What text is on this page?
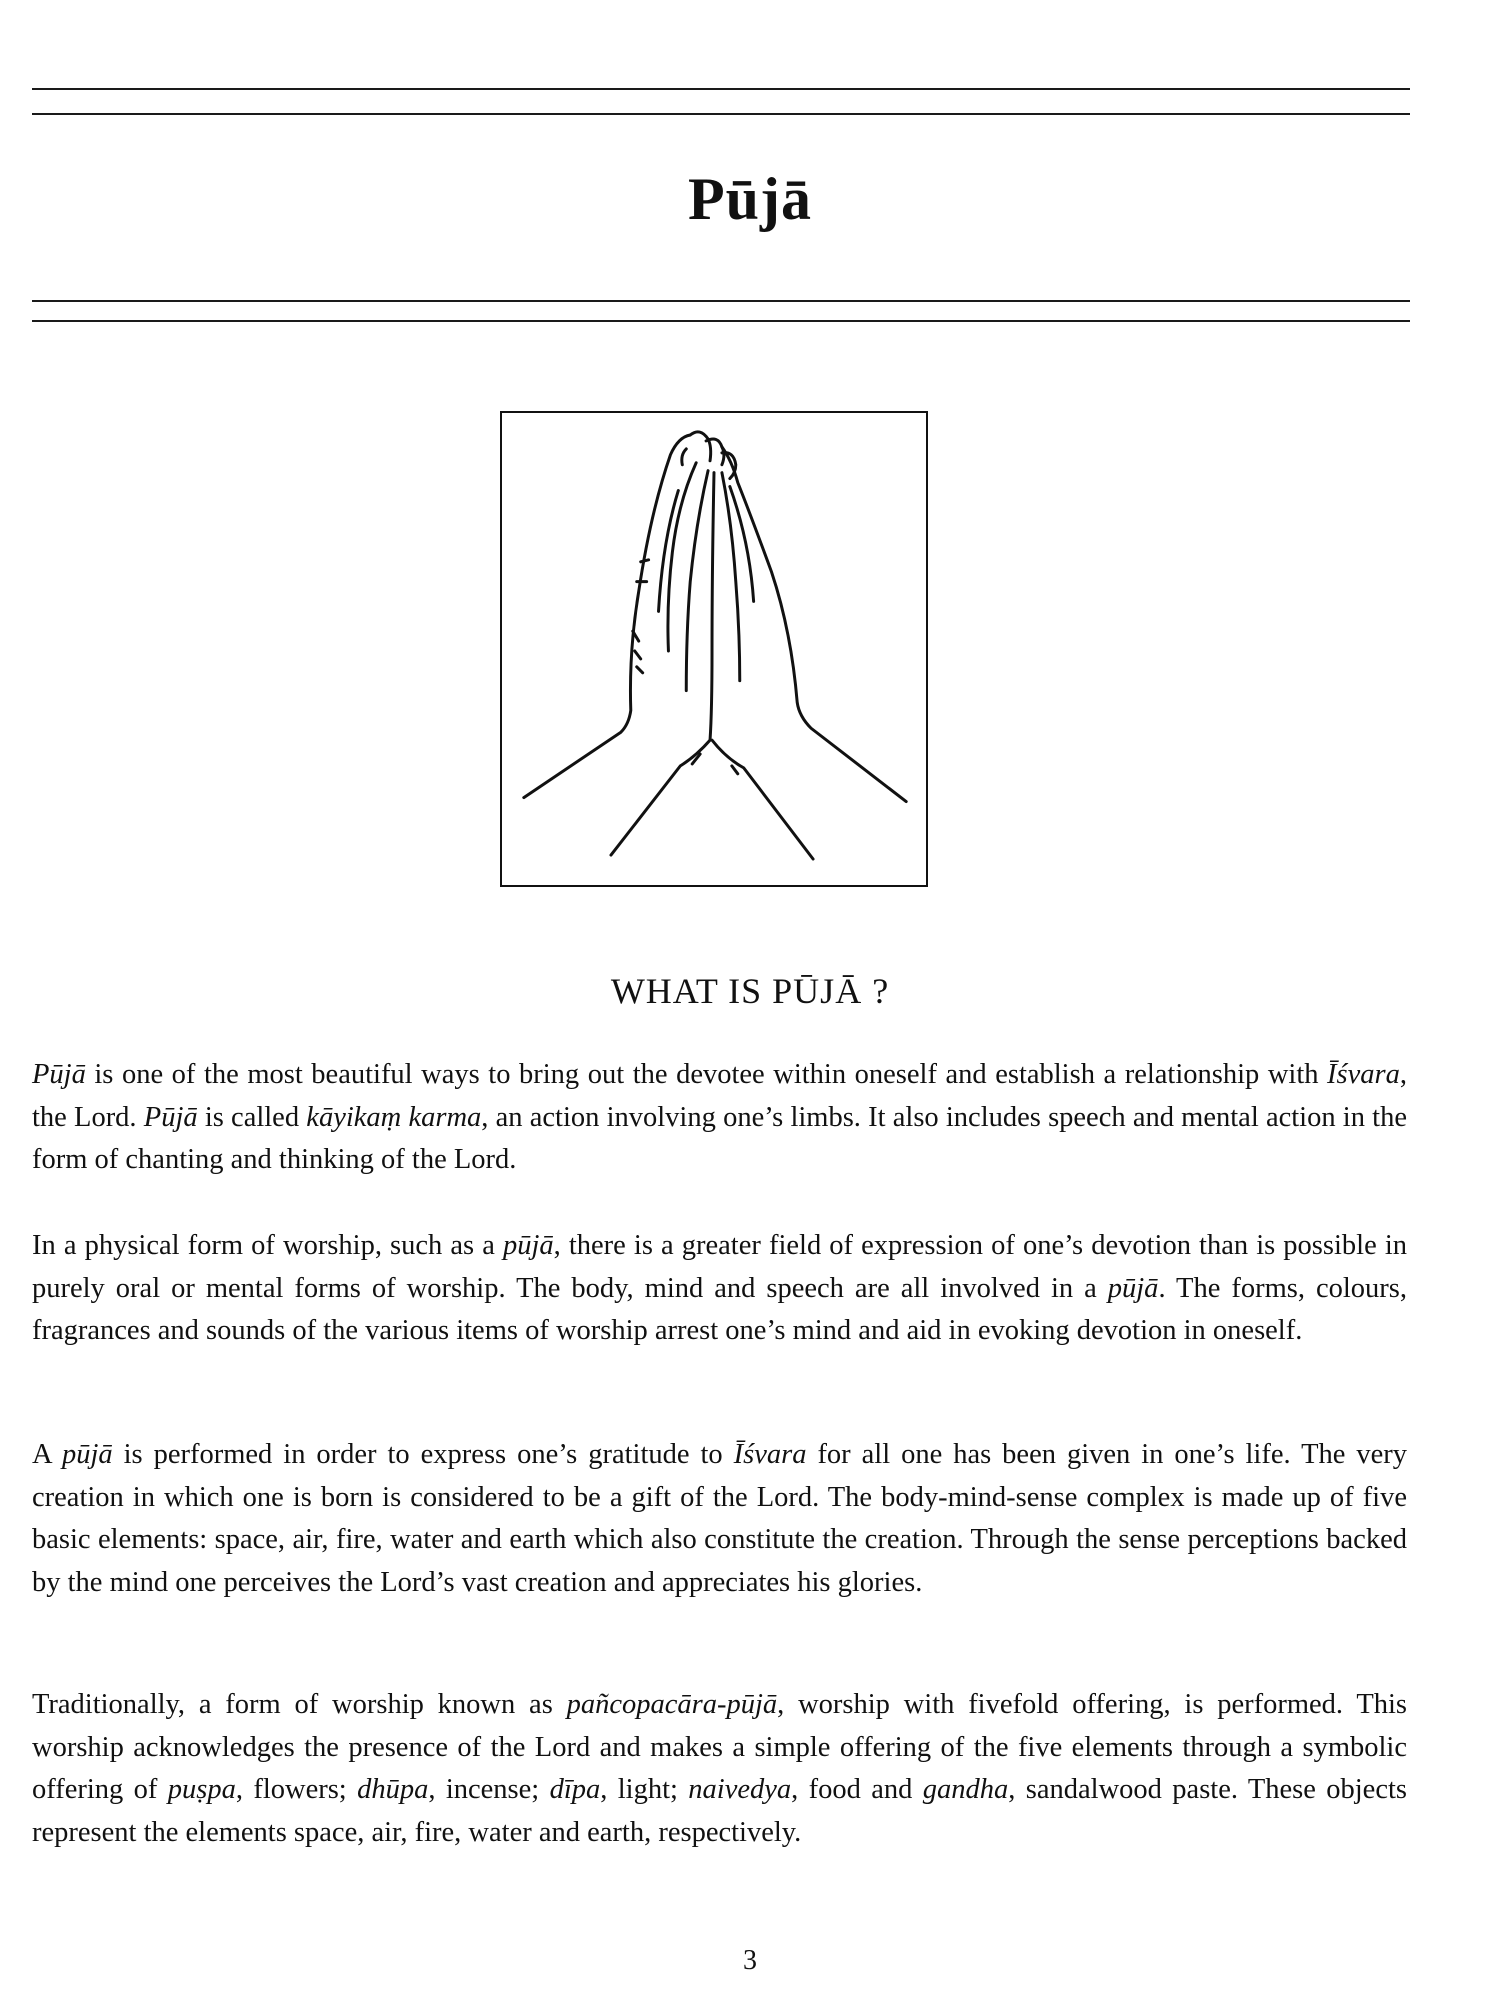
Pūjā
WHAT IS PŪJĀ ?

Pūjā is one of the most beautiful ways to bring out the devotee within oneself and establish a relationship with Īśvara, the Lord. Pūjā is called kāyikaṃ karma, an action involving one’s limbs. It also includes speech and mental action in the form of chanting and thinking of the Lord.

In a physical form of worship, such as a pūjā, there is a greater field of expression of one’s devotion than is possible in purely oral or mental forms of worship. The body, mind and speech are all involved in a pūjā. The forms, colours, fragrances and sounds of the various items of worship arrest one’s mind and aid in evoking devotion in oneself.

A pūjā is performed in order to express one’s gratitude to Īśvara for all one has been given in one’s life. The very creation in which one is born is considered to be a gift of the Lord. The body-mind-sense complex is made up of five basic elements: space, air, fire, water and earth which also constitute the creation. Through the sense perceptions backed by the mind one perceives the Lord’s vast creation and appreciates his glories.

Traditionally, a form of worship known as pañcopacāra-pūjā, worship with fivefold offering, is performed. This worship acknowledges the presence of the Lord and makes a simple offering of the five elements through a symbolic offering of puṣpa, flowers; dhūpa, incense; dīpa, light; naivedya, food and gandha, sandalwood paste. These objects represent the elements space, air, fire, water and earth, respectively.

3
